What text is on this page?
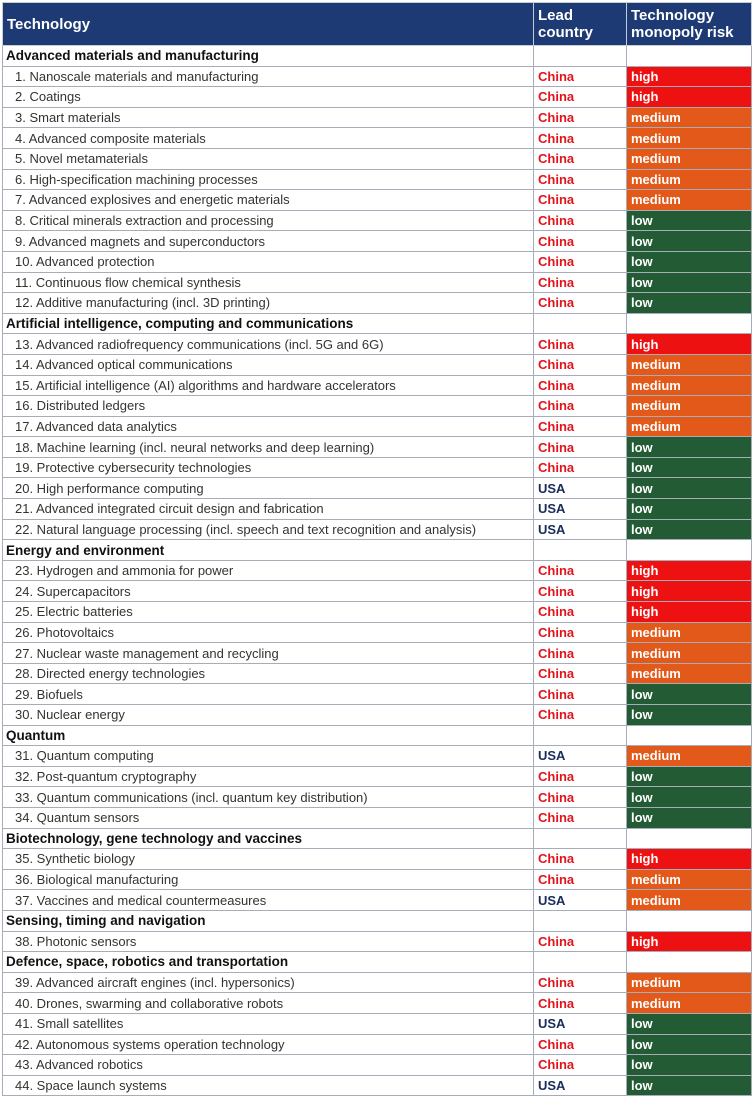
Technology	Lead country	Technology monopoly risk
Advanced materials and manufacturing		
1. Nanoscale materials and manufacturing	China	high
2. Coatings	China	high
3. Smart materials	China	medium
4. Advanced composite materials	China	medium
5. Novel metamaterials	China	medium
6. High-specification machining processes	China	medium
7. Advanced explosives and energetic materials	China	medium
8. Critical minerals extraction and processing	China	low
9. Advanced magnets and superconductors	China	low
10. Advanced protection	China	low
11. Continuous flow chemical synthesis	China	low
12. Additive manufacturing (incl. 3D printing)	China	low
Artificial intelligence, computing and communications		
13. Advanced radiofrequency communications (incl. 5G and 6G)	China	high
14. Advanced optical communications	China	medium
15. Artificial intelligence (AI) algorithms and hardware accelerators	China	medium
16. Distributed ledgers	China	medium
17. Advanced data analytics	China	medium
18. Machine learning (incl. neural networks and deep learning)	China	low
19. Protective cybersecurity technologies	China	low
20. High performance computing	USA	low
21. Advanced integrated circuit design and fabrication	USA	low
22. Natural language processing (incl. speech and text recognition and analysis)	USA	low
Energy and environment		
23. Hydrogen and ammonia for power	China	high
24. Supercapacitors	China	high
25. Electric batteries	China	high
26. Photovoltaics	China	medium
27. Nuclear waste management and recycling	China	medium
28. Directed energy technologies	China	medium
29. Biofuels	China	low
30. Nuclear energy	China	low
Quantum		
31. Quantum computing	USA	medium
32. Post-quantum cryptography	China	low
33. Quantum communications (incl. quantum key distribution)	China	low
34. Quantum sensors	China	low
Biotechnology, gene technology and vaccines		
35. Synthetic biology	China	high
36. Biological manufacturing	China	medium
37. Vaccines and medical countermeasures	USA	medium
Sensing, timing and navigation		
38. Photonic sensors	China	high
Defence, space, robotics and transportation		
39. Advanced aircraft engines (incl. hypersonics)	China	medium
40. Drones, swarming and collaborative robots	China	medium
41. Small satellites	USA	low
42. Autonomous systems operation technology	China	low
43. Advanced robotics	China	low
44. Space launch systems	USA	low
